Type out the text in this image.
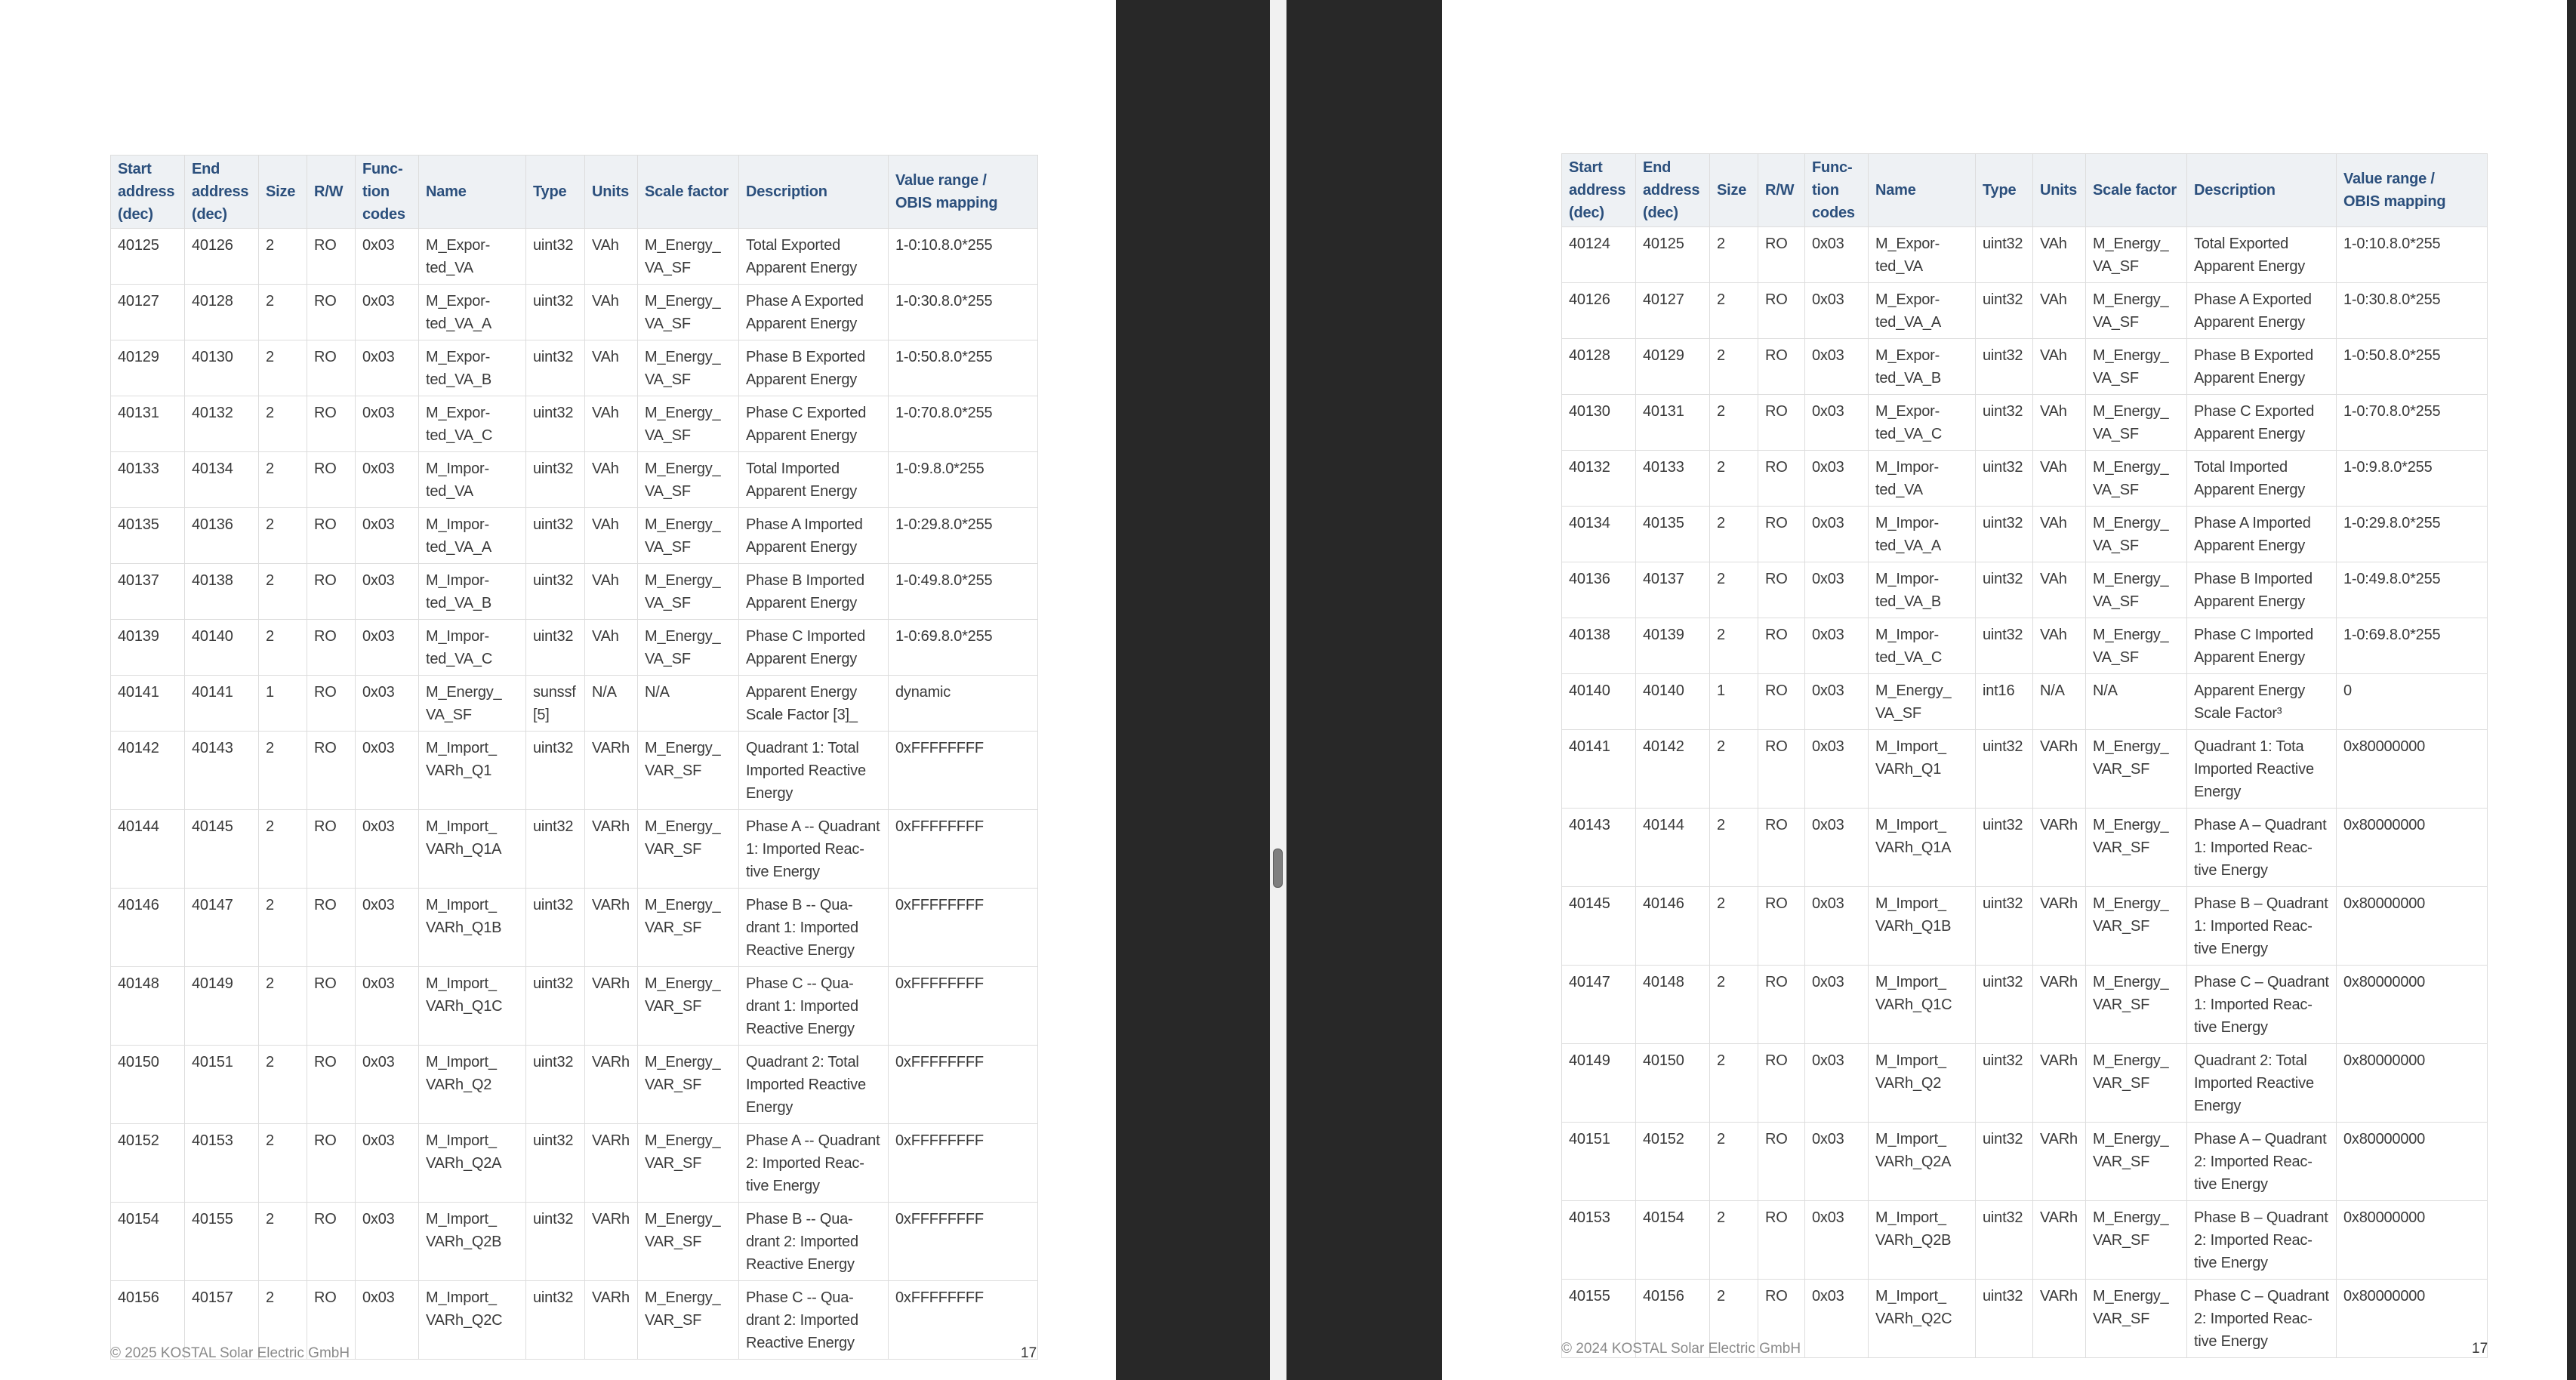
Start
address
(dec)	End
address
(dec)	Size	R/W	Func-
tion
codes	Name	Type	Units	Scale factor	Description	Value range /
OBIS mapping
40125	40126	2	RO	0x03	M_Expor-
ted_VA	uint32	VAh	M_Energy_
VA_SF	Total Exported
Apparent Energy	1-0:10.8.0*255
40127	40128	2	RO	0x03	M_Expor-
ted_VA_A	uint32	VAh	M_Energy_
VA_SF	Phase A Exported
Apparent Energy	1-0:30.8.0*255
40129	40130	2	RO	0x03	M_Expor-
ted_VA_B	uint32	VAh	M_Energy_
VA_SF	Phase B Exported
Apparent Energy	1-0:50.8.0*255
40131	40132	2	RO	0x03	M_Expor-
ted_VA_C	uint32	VAh	M_Energy_
VA_SF	Phase C Exported
Apparent Energy	1-0:70.8.0*255
40133	40134	2	RO	0x03	M_Impor-
ted_VA	uint32	VAh	M_Energy_
VA_SF	Total Imported
Apparent Energy	1-0:9.8.0*255
40135	40136	2	RO	0x03	M_Impor-
ted_VA_A	uint32	VAh	M_Energy_
VA_SF	Phase A Imported
Apparent Energy	1-0:29.8.0*255
40137	40138	2	RO	0x03	M_Impor-
ted_VA_B	uint32	VAh	M_Energy_
VA_SF	Phase B Imported
Apparent Energy	1-0:49.8.0*255
40139	40140	2	RO	0x03	M_Impor-
ted_VA_C	uint32	VAh	M_Energy_
VA_SF	Phase C Imported
Apparent Energy	1-0:69.8.0*255
40141	40141	1	RO	0x03	M_Energy_
VA_SF	sunssf
[5]	N/A	N/A	Apparent Energy
Scale Factor [3]_	dynamic
40142	40143	2	RO	0x03	M_Import_
VARh_Q1	uint32	VARh	M_Energy_
VAR_SF	Quadrant 1: Total
Imported Reactive
Energy	0xFFFFFFFF
40144	40145	2	RO	0x03	M_Import_
VARh_Q1A	uint32	VARh	M_Energy_
VAR_SF	Phase A -- Quadrant
1: Imported Reac-
tive Energy	0xFFFFFFFF
40146	40147	2	RO	0x03	M_Import_
VARh_Q1B	uint32	VARh	M_Energy_
VAR_SF	Phase B -- Qua-
drant 1: Imported
Reactive Energy	0xFFFFFFFF
40148	40149	2	RO	0x03	M_Import_
VARh_Q1C	uint32	VARh	M_Energy_
VAR_SF	Phase C -- Qua-
drant 1: Imported
Reactive Energy	0xFFFFFFFF
40150	40151	2	RO	0x03	M_Import_
VARh_Q2	uint32	VARh	M_Energy_
VAR_SF	Quadrant 2: Total
Imported Reactive
Energy	0xFFFFFFFF
40152	40153	2	RO	0x03	M_Import_
VARh_Q2A	uint32	VARh	M_Energy_
VAR_SF	Phase A -- Quadrant
2: Imported Reac-
tive Energy	0xFFFFFFFF
40154	40155	2	RO	0x03	M_Import_
VARh_Q2B	uint32	VARh	M_Energy_
VAR_SF	Phase B -- Qua-
drant 2: Imported
Reactive Energy	0xFFFFFFFF
40156	40157	2	RO	0x03	M_Import_
VARh_Q2C	uint32	VARh	M_Energy_
VAR_SF	Phase C -- Qua-
drant 2: Imported
Reactive Energy	0xFFFFFFFF
© 2025 KOSTAL Solar Electric GmbH	17
Start
address
(dec)	End
address
(dec)	Size	R/W	Func-
tion
codes	Name	Type	Units	Scale factor	Description	Value range /
OBIS mapping
40124	40125	2	RO	0x03	M_Expor-
ted_VA	uint32	VAh	M_Energy_
VA_SF	Total Exported
Apparent Energy	1-0:10.8.0*255
40126	40127	2	RO	0x03	M_Expor-
ted_VA_A	uint32	VAh	M_Energy_
VA_SF	Phase A Exported
Apparent Energy	1-0:30.8.0*255
40128	40129	2	RO	0x03	M_Expor-
ted_VA_B	uint32	VAh	M_Energy_
VA_SF	Phase B Exported
Apparent Energy	1-0:50.8.0*255
40130	40131	2	RO	0x03	M_Expor-
ted_VA_C	uint32	VAh	M_Energy_
VA_SF	Phase C Exported
Apparent Energy	1-0:70.8.0*255
40132	40133	2	RO	0x03	M_Impor-
ted_VA	uint32	VAh	M_Energy_
VA_SF	Total Imported
Apparent Energy	1-0:9.8.0*255
40134	40135	2	RO	0x03	M_Impor-
ted_VA_A	uint32	VAh	M_Energy_
VA_SF	Phase A Imported
Apparent Energy	1-0:29.8.0*255
40136	40137	2	RO	0x03	M_Impor-
ted_VA_B	uint32	VAh	M_Energy_
VA_SF	Phase B Imported
Apparent Energy	1-0:49.8.0*255
40138	40139	2	RO	0x03	M_Impor-
ted_VA_C	uint32	VAh	M_Energy_
VA_SF	Phase C Imported
Apparent Energy	1-0:69.8.0*255
40140	40140	1	RO	0x03	M_Energy_
VA_SF	int16	N/A	N/A	Apparent Energy
Scale Factor³	0
40141	40142	2	RO	0x03	M_Import_
VARh_Q1	uint32	VARh	M_Energy_
VAR_SF	Quadrant 1: Tota
Imported Reactive
Energy	0x80000000
40143	40144	2	RO	0x03	M_Import_
VARh_Q1A	uint32	VARh	M_Energy_
VAR_SF	Phase A – Quadrant
1: Imported Reac-
tive Energy	0x80000000
40145	40146	2	RO	0x03	M_Import_
VARh_Q1B	uint32	VARh	M_Energy_
VAR_SF	Phase B – Quadrant
1: Imported Reac-
tive Energy	0x80000000
40147	40148	2	RO	0x03	M_Import_
VARh_Q1C	uint32	VARh	M_Energy_
VAR_SF	Phase C – Quadrant
1: Imported Reac-
tive Energy	0x80000000
40149	40150	2	RO	0x03	M_Import_
VARh_Q2	uint32	VARh	M_Energy_
VAR_SF	Quadrant 2: Total
Imported Reactive
Energy	0x80000000
40151	40152	2	RO	0x03	M_Import_
VARh_Q2A	uint32	VARh	M_Energy_
VAR_SF	Phase A – Quadrant
2: Imported Reac-
tive Energy	0x80000000
40153	40154	2	RO	0x03	M_Import_
VARh_Q2B	uint32	VARh	M_Energy_
VAR_SF	Phase B – Quadrant
2: Imported Reac-
tive Energy	0x80000000
40155	40156	2	RO	0x03	M_Import_
VARh_Q2C	uint32	VARh	M_Energy_
VAR_SF	Phase C – Quadrant
2: Imported Reac-
tive Energy	0x80000000
© 2024 KOSTAL Solar Electric GmbH	17
